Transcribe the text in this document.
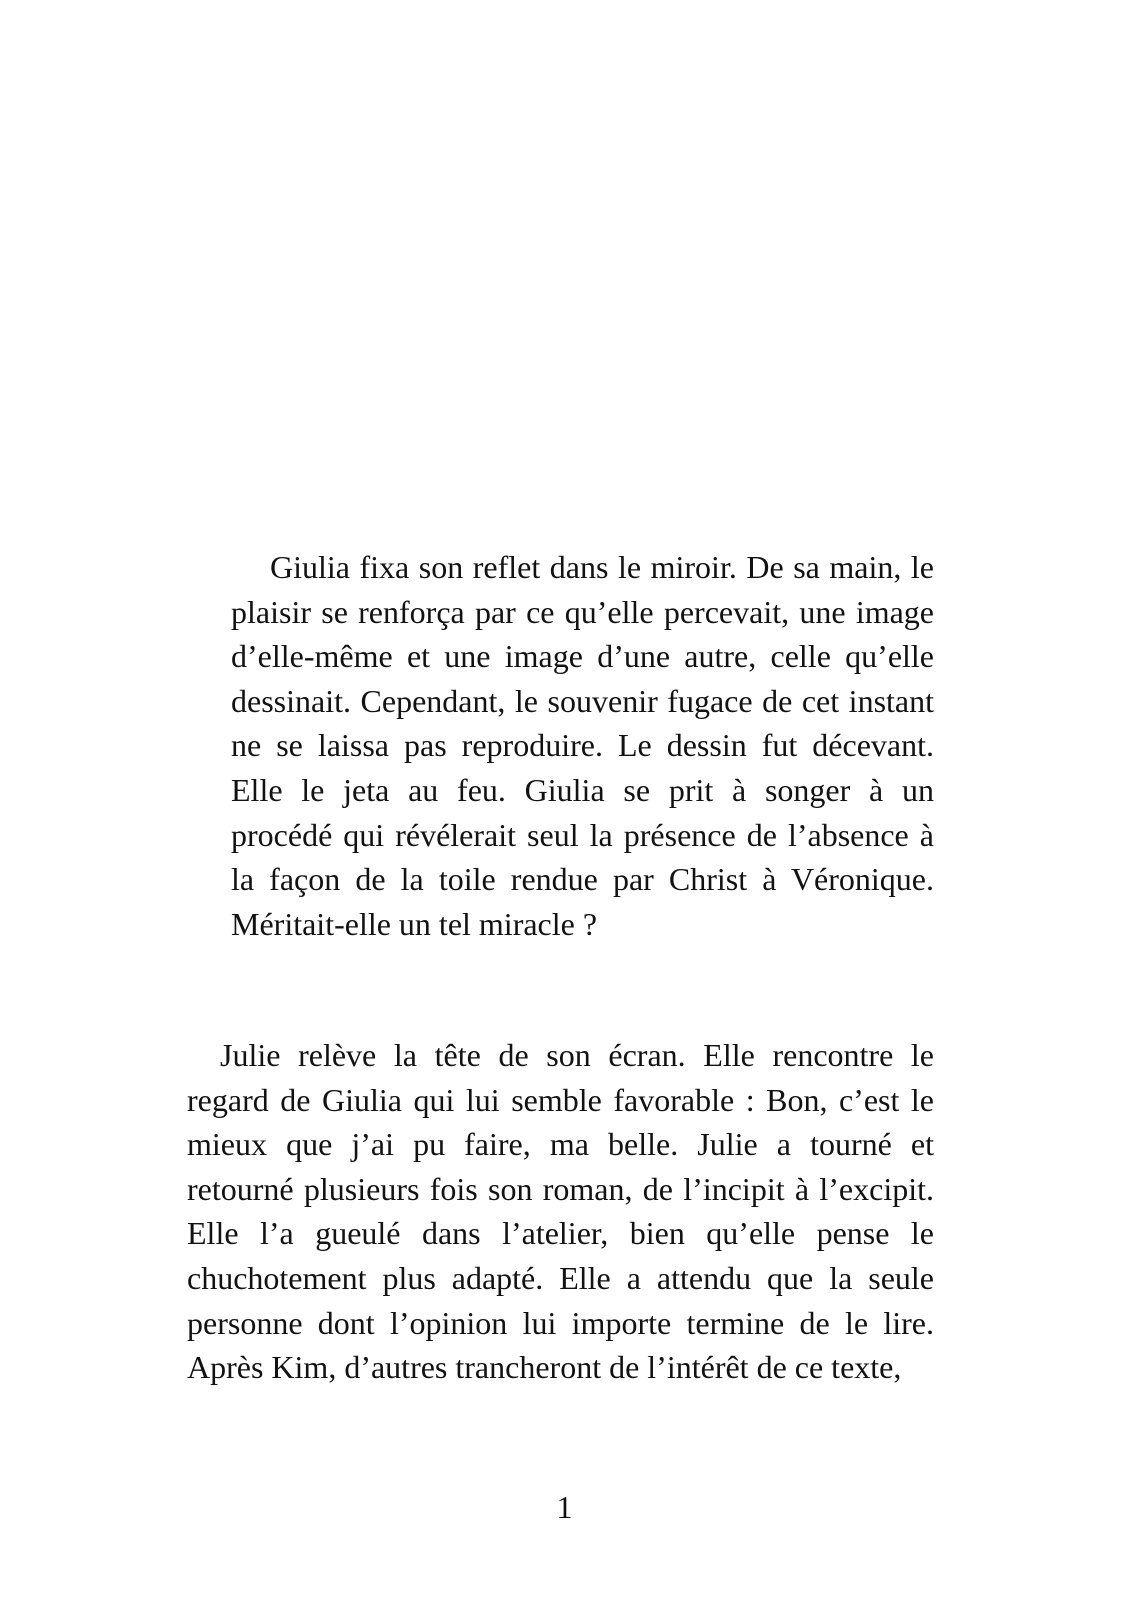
Giulia fixa son reflet dans le miroir. De sa main, le
plaisir se renforça par ce qu’elle percevait, une image
d’elle-même et une image d’une autre, celle qu’elle
dessinait. Cependant, le souvenir fugace de cet instant
ne se laissa pas reproduire. Le dessin fut décevant.
Elle le jeta au feu. Giulia se prit à songer à un
procédé qui révélerait seul la présence de l’absence à
la façon de la toile rendue par Christ à Véronique.
Méritait-elle un tel miracle ?
Julie relève la tête de son écran. Elle rencontre le
regard de Giulia qui lui semble favorable : Bon, c’est le
mieux que j’ai pu faire, ma belle. Julie a tourné et
retourné plusieurs fois son roman, de l’incipit à l’excipit.
Elle l’a gueulé dans l’atelier, bien qu’elle pense le
chuchotement plus adapté. Elle a attendu que la seule
personne dont l’opinion lui importe termine de le lire.
Après Kim, d’autres trancheront de l’intérêt de ce texte,
1
